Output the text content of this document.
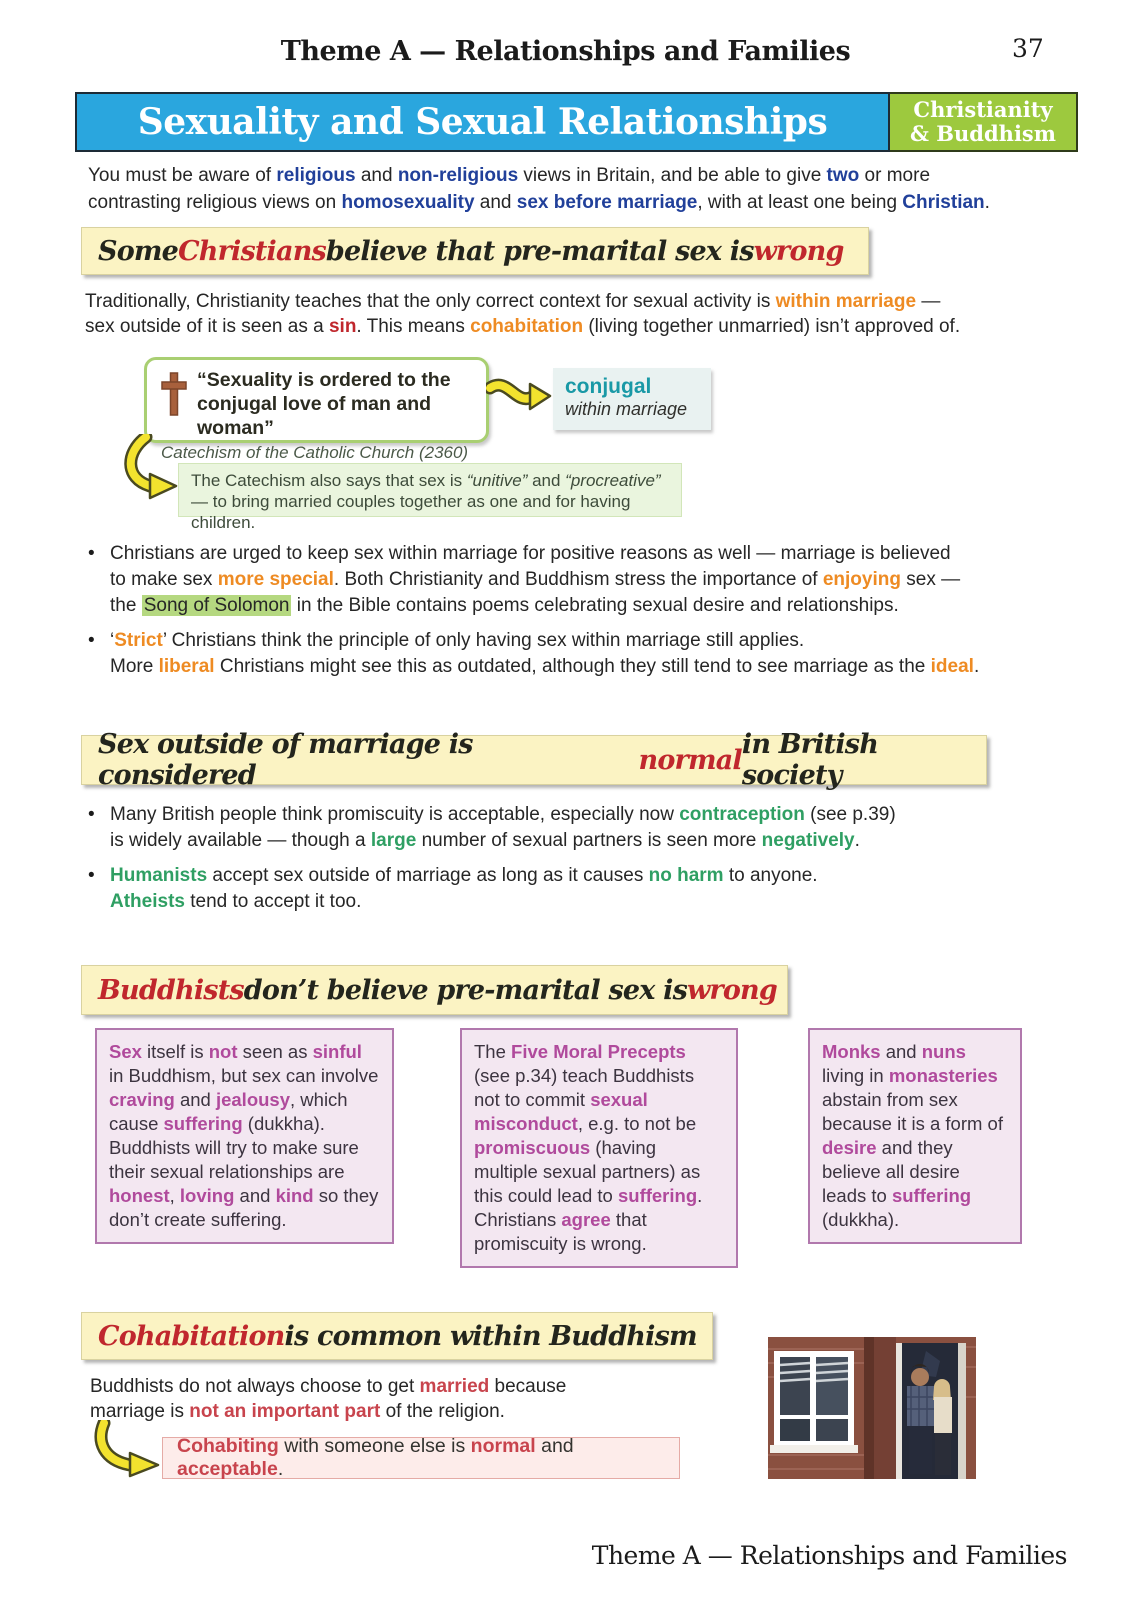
Theme A — Relationships and Families	37
Sexuality and Sexual Relationships	Christianity
& Buddhism
You must be aware of religious and non-religious views in Britain, and be able to give two or more
contrasting religious views on homosexuality and sex before marriage, with at least one being Christian.
Some Christians believe that pre-marital sex is wrong
Traditionally, Christianity teaches that the only correct context for sexual activity is within marriage —
sex outside of it is seen as a sin. This means cohabitation (living together unmarried) isn’t approved of.
“Sexuality is ordered to the
conjugal love of man and woman”
Catechism of the Catholic Church (2360)
conjugal
within marriage
The Catechism also says that sex is “unitive” and “procreative”
— to bring married couples together as one and for having children.
• Christians are urged to keep sex within marriage for positive reasons as well — marriage is believed
to make sex more special. Both Christianity and Buddhism stress the importance of enjoying sex —
the Song of Solomon in the Bible contains poems celebrating sexual desire and relationships.
• ‘Strict’ Christians think the principle of only having sex within marriage still applies.
More liberal Christians might see this as outdated, although they still tend to see marriage as the ideal.
Sex outside of marriage is considered	normal in British society
• Many British people think promiscuity is acceptable, especially now contraception (see p.39)
is widely available — though a large number of sexual partners is seen more negatively.
• Humanists accept sex outside of marriage as long as it causes no harm to anyone.
Atheists tend to accept it too.
Buddhists don’t believe pre-marital sex is wrong
Sex itself is not seen as sinful in Buddhism, but sex can involve craving and jealousy, which cause suffering (dukkha). Buddhists will try to make sure their sexual relationships are honest, loving and kind so they don’t create suffering.
The Five Moral Precepts (see p.34) teach Buddhists not to commit sexual misconduct, e.g. to not be promiscuous (having multiple sexual partners) as this could lead to suffering. Christians agree that promiscuity is wrong.
Monks and nuns living in monasteries abstain from sex because it is a form of desire and they believe all desire leads to suffering (dukkha).
Cohabitation is common within Buddhism
Buddhists do not always choose to get married because
marriage is not an important part of the religion.
Cohabiting with someone else is normal and acceptable.
Theme A — Relationships and Families
